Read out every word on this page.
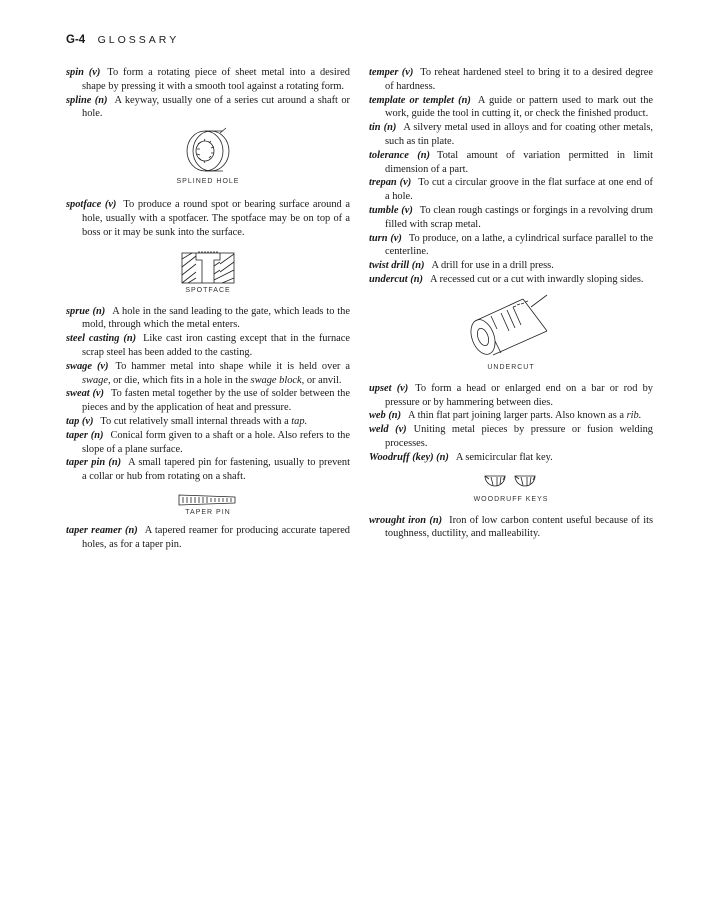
G-4 GLOSSARY
spin (v) To form a rotating piece of sheet metal into a desired shape by pressing it with a smooth tool against a rotating form.
spline (n) A keyway, usually one of a series cut around a shaft or hole.
SPLINED HOLE
spotface (v) To produce a round spot or bearing surface around a hole, usually with a spotfacer. The spotface may be on top of a boss or it may be sunk into the surface.
SPOTFACE
sprue (n) A hole in the sand leading to the gate, which leads to the mold, through which the metal enters.
steel casting (n) Like cast iron casting except that in the furnace scrap steel has been added to the casting.
swage (v) To hammer metal into shape while it is held over a swage, or die, which fits in a hole in the swage block, or anvil.
sweat (v) To fasten metal together by the use of solder between the pieces and by the application of heat and pressure.
tap (v) To cut relatively small internal threads with a tap.
taper (n) Conical form given to a shaft or a hole. Also refers to the slope of a plane surface.
taper pin (n) A small tapered pin for fastening, usually to prevent a collar or hub from rotating on a shaft.
TAPER PIN
taper reamer (n) A tapered reamer for producing accurate tapered holes, as for a taper pin.
temper (v) To reheat hardened steel to bring it to a desired degree of hardness.
template or templet (n) A guide or pattern used to mark out the work, guide the tool in cutting it, or check the finished product.
tin (n) A silvery metal used in alloys and for coating other metals, such as tin plate.
tolerance (n) Total amount of variation permitted in limit dimension of a part.
trepan (v) To cut a circular groove in the flat surface at one end of a hole.
tumble (v) To clean rough castings or forgings in a revolving drum filled with scrap metal.
turn (v) To produce, on a lathe, a cylindrical surface parallel to the centerline.
twist drill (n) A drill for use in a drill press.
undercut (n) A recessed cut or a cut with inwardly sloping sides.
UNDERCUT
upset (v) To form a head or enlarged end on a bar or rod by pressure or by hammering between dies.
web (n) A thin flat part joining larger parts. Also known as a rib.
weld (v) Uniting metal pieces by pressure or fusion welding processes.
Woodruff (key) (n) A semicircular flat key.
WOODRUFF KEYS
wrought iron (n) Iron of low carbon content useful because of its toughness, ductility, and malleability.
